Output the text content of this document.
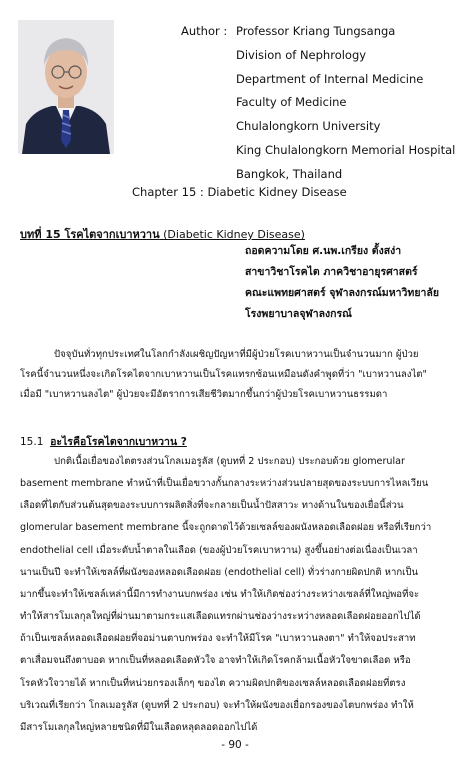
Author : Professor Kriang Tungsanga
Division of Nephrology
Department of Internal Medicine
Faculty of Medicine
Chulalongkorn University
King Chulalongkorn Memorial Hospital
Bangkok, Thailand
Chapter 15 : Diabetic Kidney Disease
บทที่ 15 โรคไตจากเบาหวาน (Diabetic Kidney Disease)
ถอดความโดย ศ.นพ.เกรียง ตั้งสง่า
สาขาวิชาโรคไต ภาควิชาอายุรศาสตร์
คณะแพทยศาสตร์ จุฬาลงกรณ์มหาวิทยาลัย
โรงพยาบาลจุฬาลงกรณ์
ปัจจุบันทั่วทุกประเทศในโลกกำลังเผชิญปัญหาที่มีผู้ป่วยโรคเบาหวานเป็นจำนวนมาก ผู้ป่วย
โรคนี้จำนวนหนึ่งจะเกิดโรคไตจากเบาหวานเป็นโรคแทรกซ้อนเหมือนดังคำพูดที่ว่า "เบาหวานลงไต"
เมื่อมี "เบาหวานลงไต" ผู้ป่วยจะมีอัตราการเสียชีวิตมากขึ้นกว่าผู้ป่วยโรคเบาหวานธรรมดา
15.1 อะไรคือโรคไตจากเบาหวาน ?
ปกติเนื้อเยื่อของไตตรงส่วนโกลเมอรูลัส (ดูบทที่ 2 ประกอบ) ประกอบด้วย glomerular
basement membrane ทำหน้าที่เป็นเยื่อขวางกั้นกลางระหว่างส่วนปลายสุดของระบบการไหลเวียน
เลือดที่ไตกับส่วนต้นสุดของระบบการผลิตสิ่งที่จะกลายเป็นน้ำปัสสาวะ ทางด้านในของเยื่อนี้ส่วน
glomerular basement membrane นี้จะถูกดาดไว้ด้วยเซลล์ของผนังหลอดเลือดฝอย หรือที่เรียกว่า
endothelial cell เมื่อระดับน้ำตาลในเลือด (ของผู้ป่วยโรคเบาหวาน) สูงขึ้นอย่างต่อเนื่องเป็นเวลา
นานเป็นปี จะทำให้เซลล์ที่ผนังของหลอดเลือดฝอย (endothelial cell) ทั่วร่างกายผิดปกติ หากเป็น
มากขึ้นจะทำให้เซลล์เหล่านี้มีการทำงานบกพร่อง เช่น ทำให้เกิดช่องว่างระหว่างเซลล์ที่ใหญ่พอที่จะ
ทำให้สารโมเลกุลใหญ่ที่ผ่านมาตามกระแสเลือดแทรกผ่านช่องว่างระหว่างหลอดเลือดฝอยออกไปได้
ถ้าเป็นเซลล์หลอดเลือดฝอยที่จอม่านตาบกพร่อง จะทำให้มีโรค "เบาหวานลงตา" ทำให้จอประสาท
ตาเสื่อมจนถึงตาบอด หากเป็นที่หลอดเลือดหัวใจ อาจทำให้เกิดโรคกล้ามเนื้อหัวใจขาดเลือด หรือ
โรคหัวใจวายได้ หากเป็นที่หน่วยกรองเล็กๆ ของไต ความผิดปกติของเซลล์หลอดเลือดฝอยที่ตรง
บริเวณที่เรียกว่า โกลเมอรูลัส (ดูบทที่ 2 ประกอบ) จะทำให้ผนังของเยื่อกรองของไตบกพร่อง ทำให้
มีสารโมเลกุลใหญ่หลายชนิดที่มีในเลือดหลุดลอดออกไปได้
- 90 -
